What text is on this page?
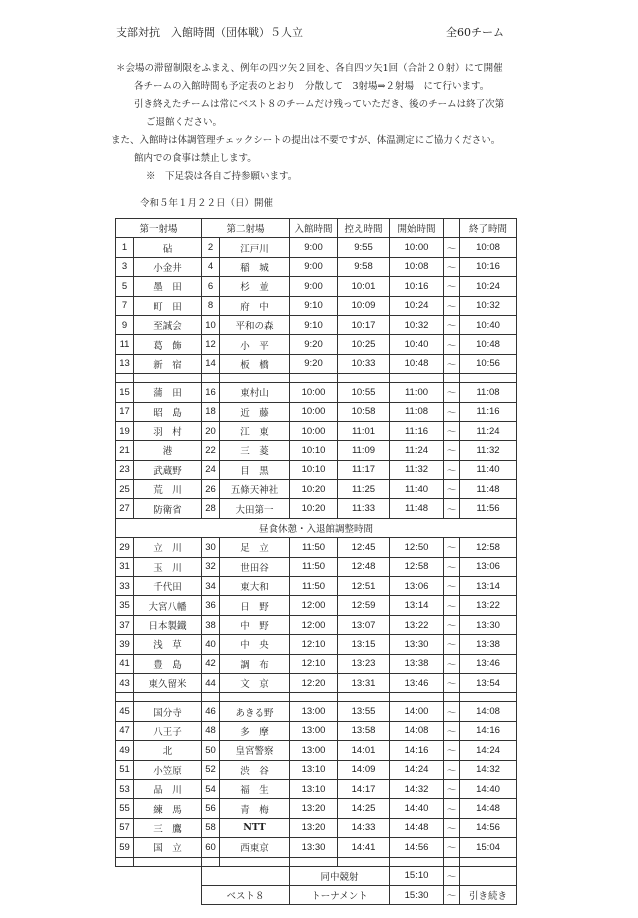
支部対抗　入館時間（団体戦）５人立	全60チーム
＊会場の滞留制限をふまえ、例年の四ツ矢２回を、各自四ツ矢1回（合計２０射）にて開催
各チームの入館時間も予定表のとおり　分散して　3射場⇒２射場　にて行います。
引き終えたチームは常にベスト８のチームだけ残っていただき、後のチームは終了次第
ご退館ください。
また、入館時は体調管理チェックシートの提出は不要ですが、体温測定にご協力ください。
館内での食事は禁止します。
※　下足袋は各自ご持参願います。
令和５年１月２２日（日）開催
第一射場		第二射場		入館時間	控え時間	開始時間		終了時間
1	砧	2	江戸川	9:00	9:55	10:00	～	10:08
3	小金井	4	稲　城	9:00	9:58	10:08	～	10:16
5	墨　田	6	杉　並	9:00	10:01	10:16	～	10:24
7	町　田	8	府　中	9:10	10:09	10:24	～	10:32
9	至誠会	10	平和の森	9:10	10:17	10:32	～	10:40
11	葛　飾	12	小　平	9:20	10:25	10:40	～	10:48
13	新　宿	14	板　橋	9:20	10:33	10:48	～	10:56

15	蒲　田	16	東村山	10:00	10:55	11:00	～	11:08
17	昭　島	18	近　藤	10:00	10:58	11:08	～	11:16
19	羽　村	20	江　東	10:00	11:01	11:16	～	11:24
21	港	22	三　菱	10:10	11:09	11:24	～	11:32
23	武蔵野	24	目　黒	10:10	11:17	11:32	～	11:40
25	荒　川	26	五條天神社	10:20	11:25	11:40	～	11:48
27	防衛省	28	大田第一	10:20	11:33	11:48	～	11:56
昼食休憩・入退館調整時間								
29	立　川	30	足　立	11:50	12:45	12:50	～	12:58
31	玉　川	32	世田谷	11:50	12:48	12:58	～	13:06
33	千代田	34	東大和	11:50	12:51	13:06	～	13:14
35	大宮八幡	36	日　野	12:00	12:59	13:14	～	13:22
37	日本製鐵	38	中　野	12:00	13:07	13:22	～	13:30
39	浅　草	40	中　央	12:10	13:15	13:30	～	13:38
41	豊　島	42	調　布	12:10	13:23	13:38	～	13:46
43	東久留米	44	文　京	12:20	13:31	13:46	～	13:54

45	国分寺	46	あきる野	13:00	13:55	14:00	～	14:08
47	八王子	48	多　摩	13:00	13:58	14:08	～	14:16
49	北	50	皇宮警察	13:00	14:01	14:16	～	14:24
51	小笠原	52	渋　谷	13:10	14:09	14:24	～	14:32
53	品　川	54	福　生	13:10	14:17	14:32	～	14:40
55	練　馬	56	青　梅	13:20	14:25	14:40	～	14:48
57	三　鷹	58	NTT	13:20	14:33	14:48	～	14:56
59	国　立	60	西東京	13:30	14:41	14:56	～	15:04

				同中競射		15:10	～	
		ベスト８		トーナメント		15:30	～	引き続き
